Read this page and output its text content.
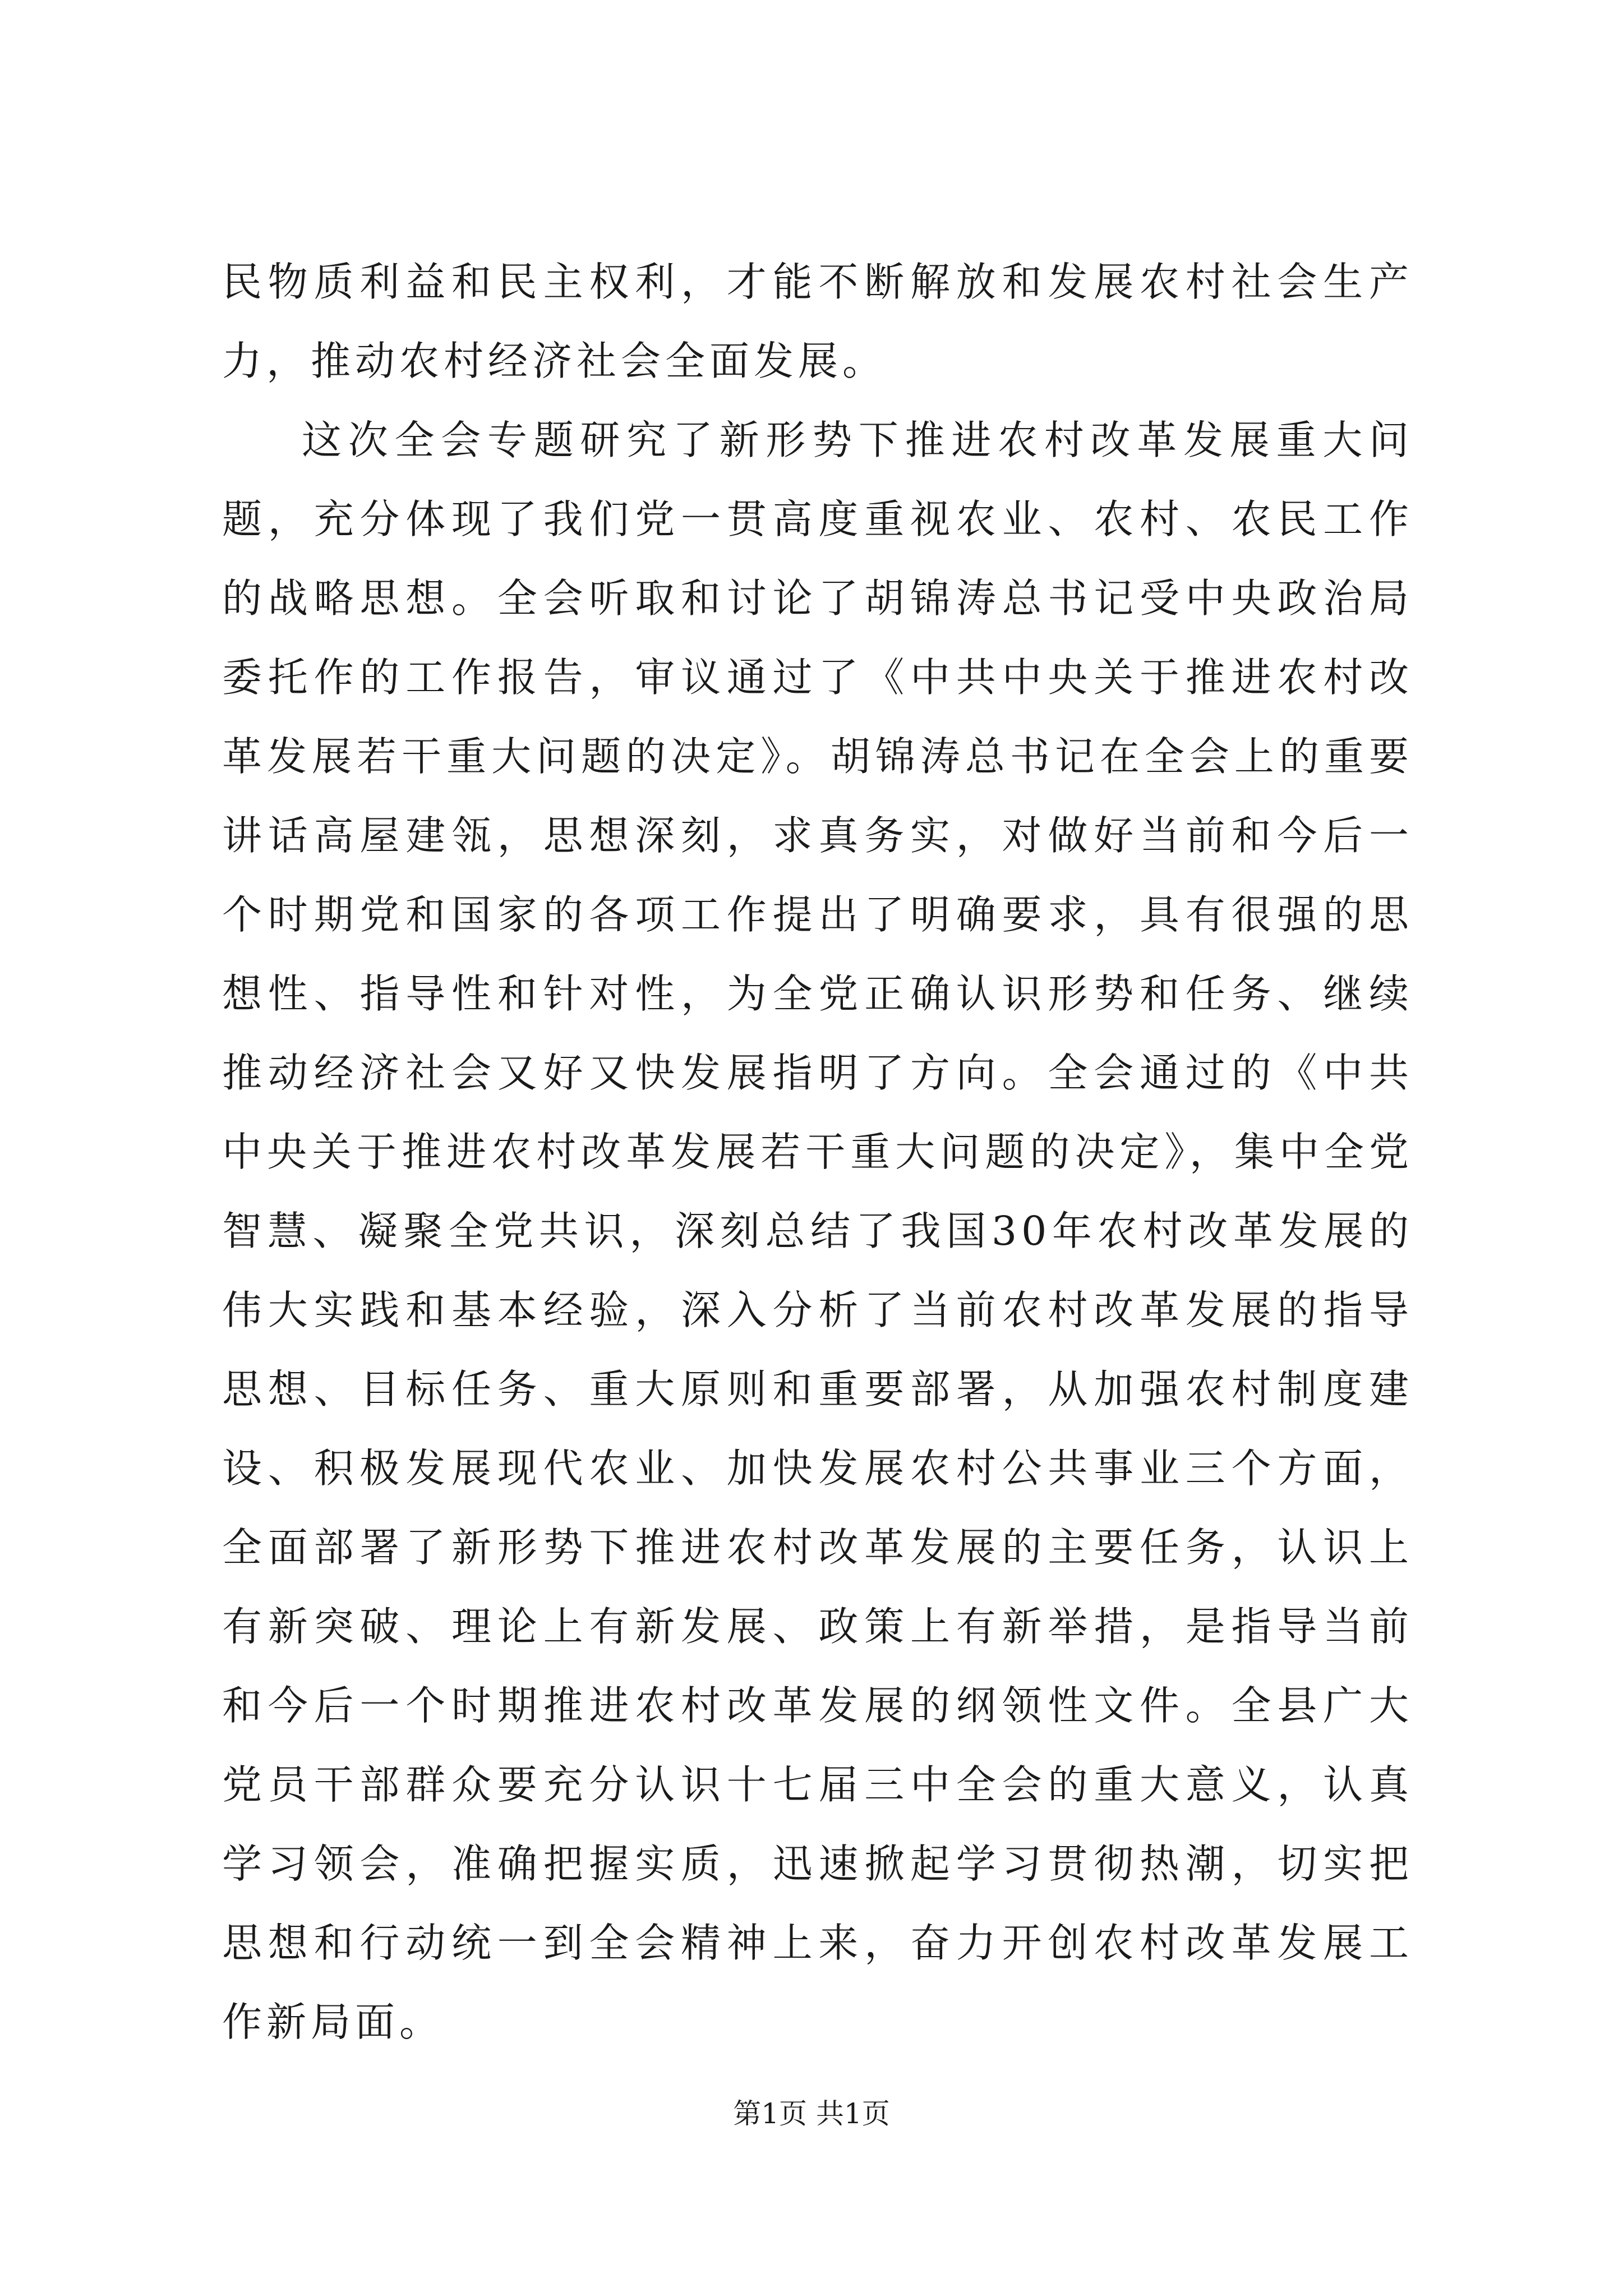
民物质利益和民主权利，才能不断解放和发展农村社会生产力，推动农村经济社会全面发展。

这次全会专题研究了新形势下推进农村改革发展重大问题，充分体现了我们党一贯高度重视农业、农村、农民工作的战略思想。全会听取和讨论了胡锦涛总书记受中央政治局委托作的工作报告，审议通过了《中共中央关于推进农村改革发展若干重大问题的决定》。胡锦涛总书记在全会上的重要讲话高屋建瓴，思想深刻，求真务实，对做好当前和今后一个时期党和国家的各项工作提出了明确要求，具有很强的思想性、指导性和针对性，为全党正确认识形势和任务、继续推动经济社会又好又快发展指明了方向。全会通过的《中共中央关于推进农村改革发展若干重大问题的决定》，集中全党智慧、凝聚全党共识，深刻总结了我国30年农村改革发展的伟大实践和基本经验，深入分析了当前农村改革发展的指导思想、目标任务、重大原则和重要部署，从加强农村制度建设、积极发展现代农业、加快发展农村公共事业三个方面，全面部署了新形势下推进农村改革发展的主要任务，认识上有新突破、理论上有新发展、政策上有新举措，是指导当前和今后一个时期推进农村改革发展的纲领性文件。全县广大党员干部群众要充分认识十七届三中全会的重大意义，认真学习领会，准确把握实质，迅速掀起学习贯彻热潮，切实把思想和行动统一到全会精神上来，奋力开创农村改革发展工作新局面。

第1页 共1页
